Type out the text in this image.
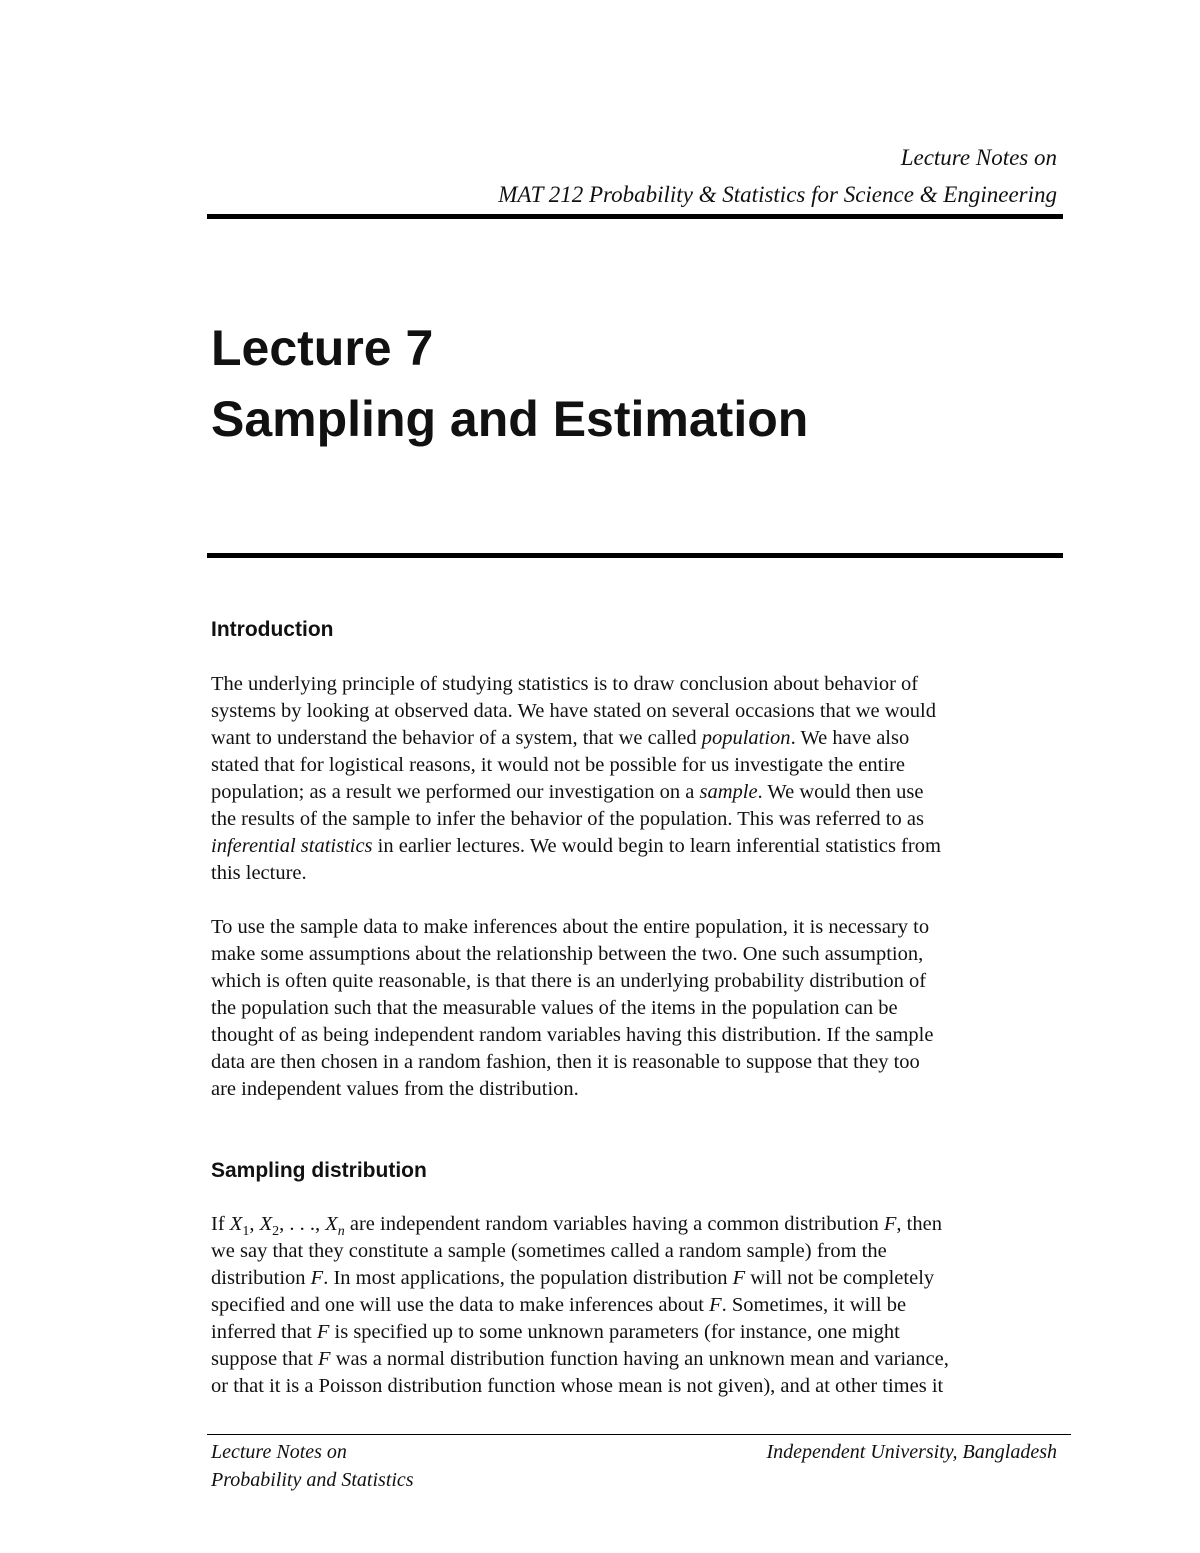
Lecture Notes on
MAT 212 Probability & Statistics for Science & Engineering
Lecture 7
Sampling and Estimation
Introduction
The underlying principle of studying statistics is to draw conclusion about behavior of
systems by looking at observed data. We have stated on several occasions that we would
want to understand the behavior of a system, that we called population. We have also
stated that for logistical reasons, it would not be possible for us investigate the entire
population; as a result we performed our investigation on a sample. We would then use
the results of the sample to infer the behavior of the population. This was referred to as
inferential statistics in earlier lectures. We would begin to learn inferential statistics from
this lecture.
To use the sample data to make inferences about the entire population, it is necessary to
make some assumptions about the relationship between the two. One such assumption,
which is often quite reasonable, is that there is an underlying probability distribution of
the population such that the measurable values of the items in the population can be
thought of as being independent random variables having this distribution. If the sample
data are then chosen in a random fashion, then it is reasonable to suppose that they too
are independent values from the distribution.
Sampling distribution
If $X_1$, $X_2$, . . ., $X_n$ are independent random variables having a common distribution F, then
we say that they constitute a sample (sometimes called a random sample) from the
distribution F. In most applications, the population distribution F will not be completely
specified and one will use the data to make inferences about F. Sometimes, it will be
inferred that F is specified up to some unknown parameters (for instance, one might
suppose that F was a normal distribution function having an unknown mean and variance,
or that it is a Poisson distribution function whose mean is not given), and at other times it
Lecture Notes on
Probability and Statistics
Independent University, Bangladesh
